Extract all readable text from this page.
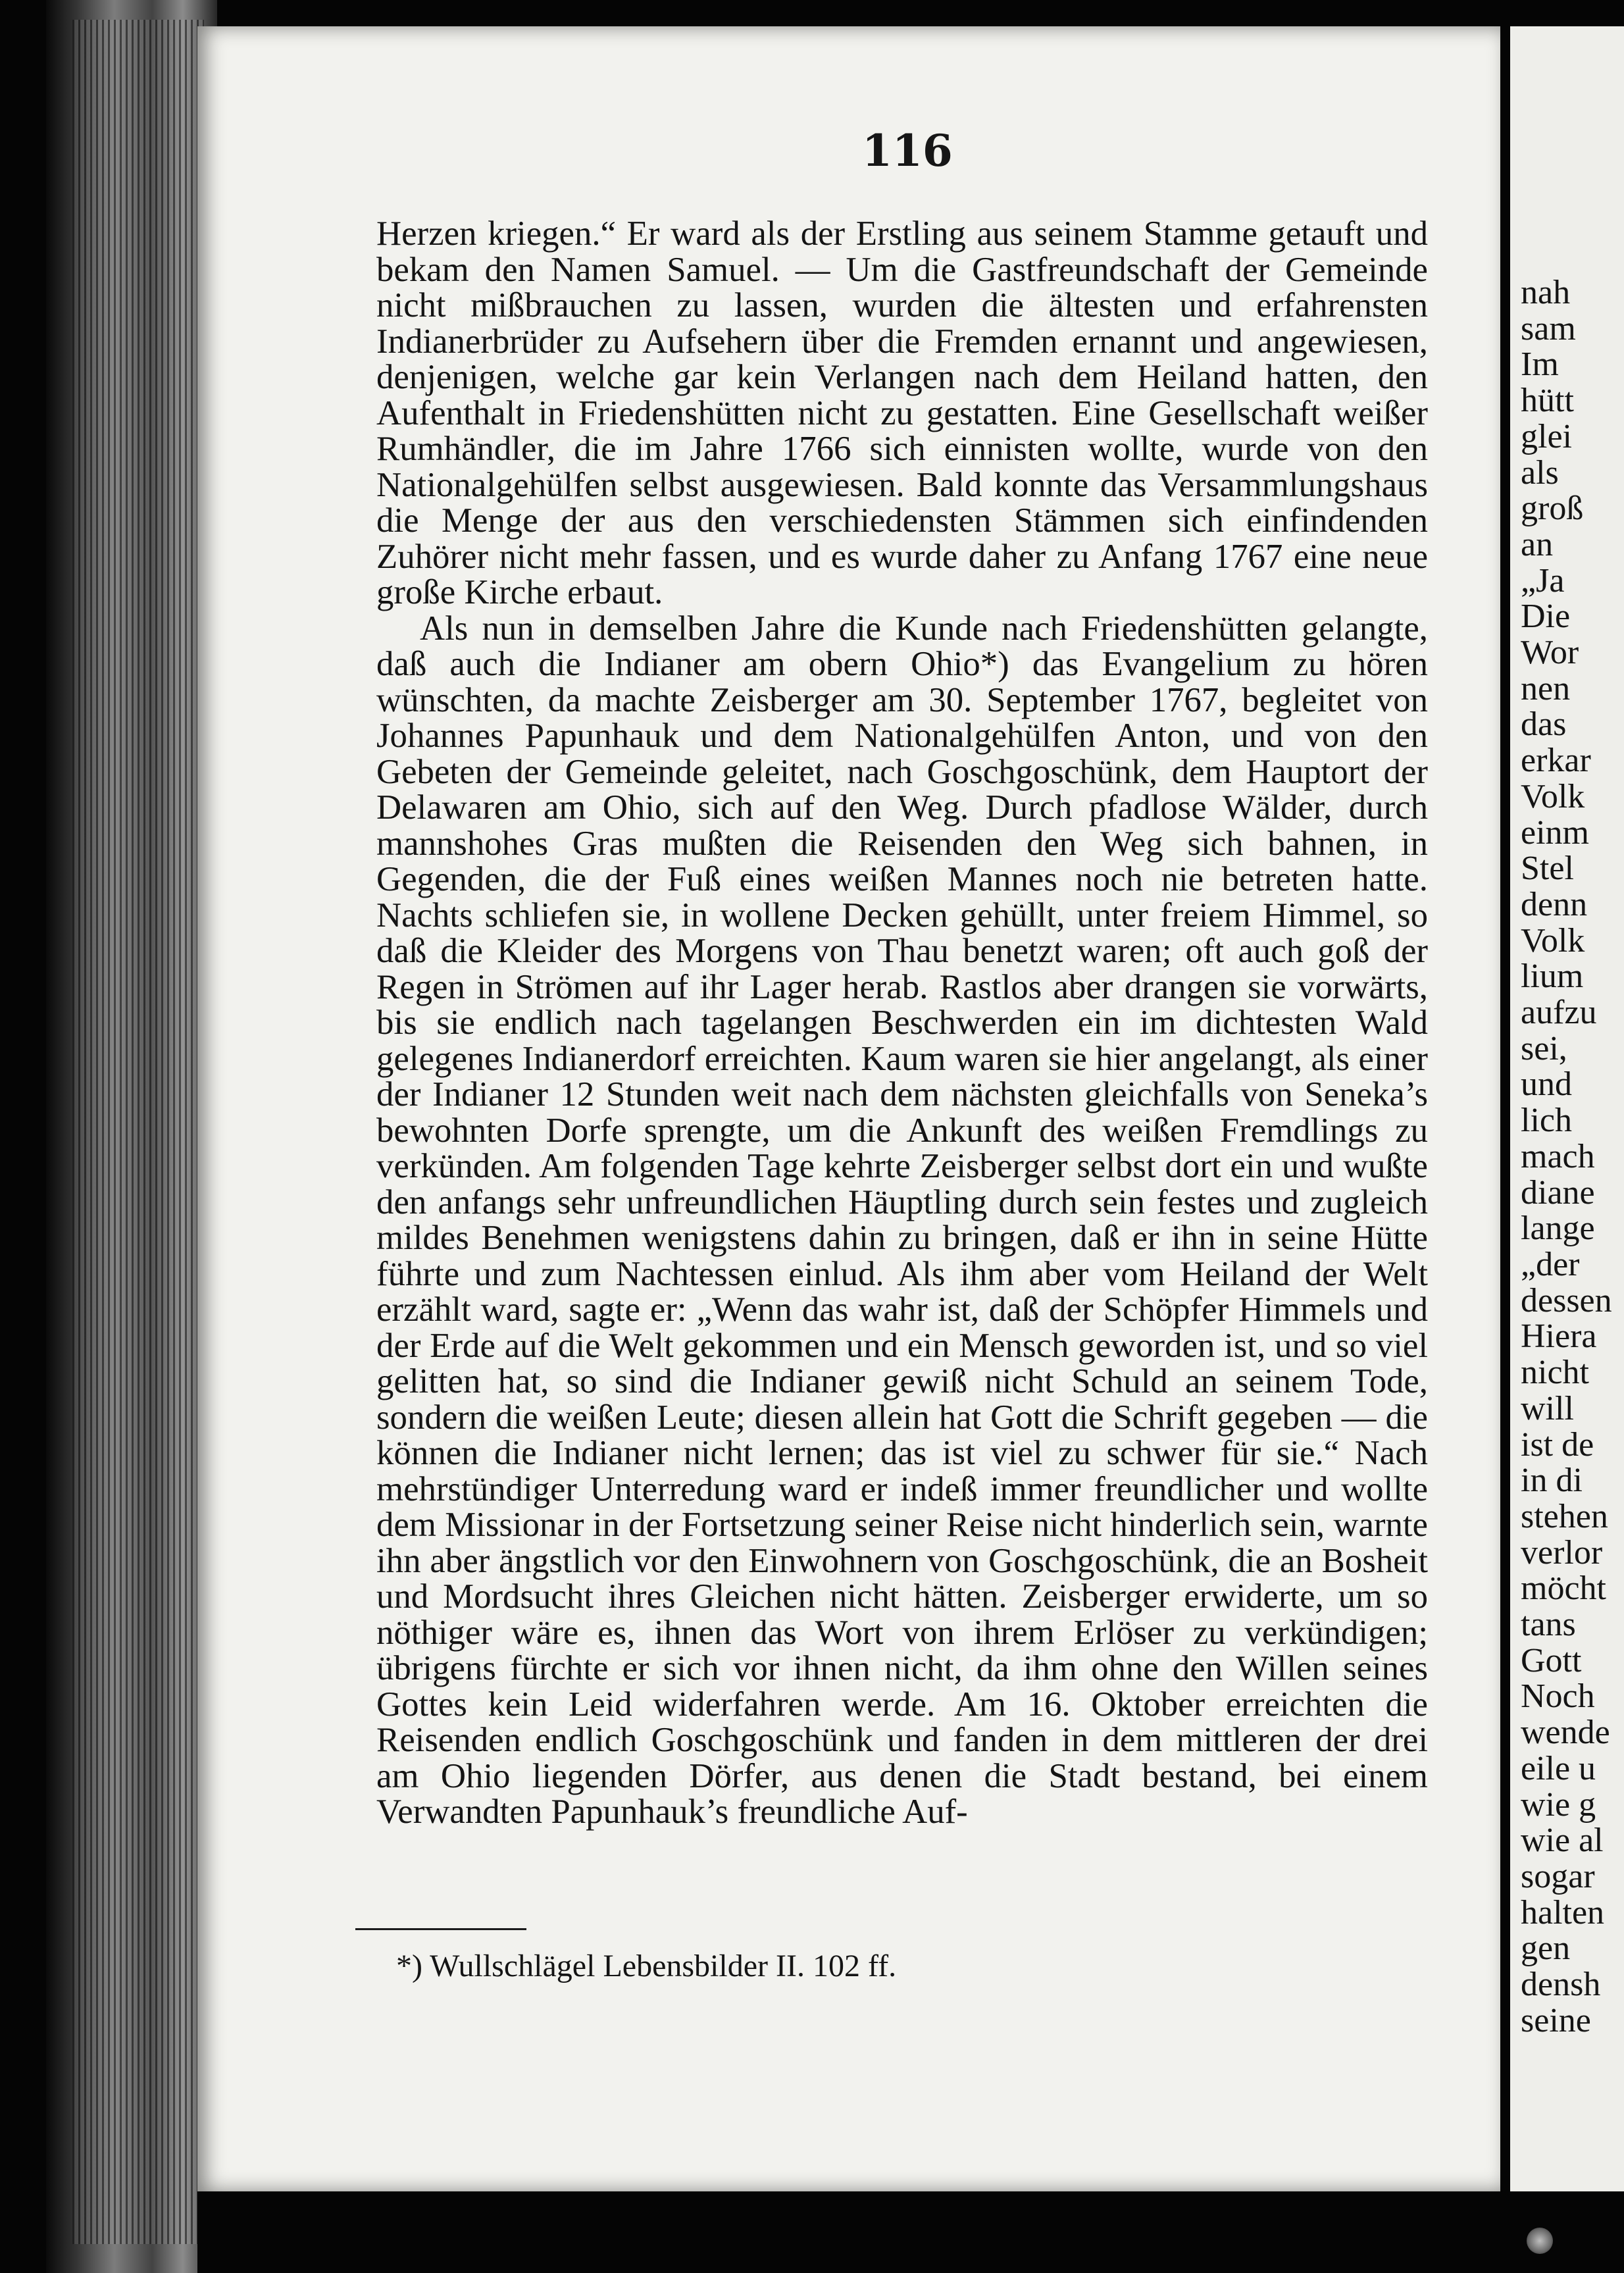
116

Herzen kriegen.“ Er ward als der Erstling aus seinem Stamme getauft und bekam den Namen Samuel. — Um die Gastfreundschaft der Gemeinde nicht mißbrauchen zu lassen, wurden die ältesten und erfahrensten Indianerbrüder zu Aufsehern über die Fremden ernannt und angewiesen, denjenigen, welche gar kein Verlangen nach dem Heiland hatten, den Aufenthalt in Friedenshütten nicht zu gestatten. Eine Gesellschaft weißer Rumhändler, die im Jahre 1766 sich einnisten wollte, wurde von den Nationalgehülfen selbst ausgewiesen. Bald konnte das Versammlungshaus die Menge der aus den verschiedensten Stämmen sich einfindenden Zuhörer nicht mehr fassen, und es wurde daher zu Anfang 1767 eine neue große Kirche erbaut.

Als nun in demselben Jahre die Kunde nach Friedenshütten gelangte, daß auch die Indianer am obern Ohio*) das Evangelium zu hören wünschten, da machte Zeisberger am 30. September 1767, begleitet von Johannes Papunhauk und dem Nationalgehülfen Anton, und von den Gebeten der Gemeinde geleitet, nach Goschgoschünk, dem Hauptort der Delawaren am Ohio, sich auf den Weg. Durch pfadlose Wälder, durch mannshohes Gras mußten die Reisenden den Weg sich bahnen, in Gegenden, die der Fuß eines weißen Mannes noch nie betreten hatte. Nachts schliefen sie, in wollene Decken gehüllt, unter freiem Himmel, so daß die Kleider des Morgens von Thau benetzt waren; oft auch goß der Regen in Strömen auf ihr Lager herab. Rastlos aber drangen sie vorwärts, bis sie endlich nach tagelangen Beschwerden ein im dichtesten Wald gelegenes Indianerdorf erreichten. Kaum waren sie hier angelangt, als einer der Indianer 12 Stunden weit nach dem nächsten gleichfalls von Seneka’s bewohnten Dorfe sprengte, um die Ankunft des weißen Fremdlings zu verkünden. Am folgenden Tage kehrte Zeisberger selbst dort ein und wußte den anfangs sehr unfreundlichen Häuptling durch sein festes und zugleich mildes Benehmen wenigstens dahin zu bringen, daß er ihn in seine Hütte führte und zum Nachtessen einlud. Als ihm aber vom Heiland der Welt erzählt ward, sagte er: „Wenn das wahr ist, daß der Schöpfer Himmels und der Erde auf die Welt gekommen und ein Mensch geworden ist, und so viel gelitten hat, so sind die Indianer gewiß nicht Schuld an seinem Tode, sondern die weißen Leute; diesen allein hat Gott die Schrift gegeben — die können die Indianer nicht lernen; das ist viel zu schwer für sie.“ Nach mehrstündiger Unterredung ward er indeß immer freundlicher und wollte dem Missionar in der Fortsetzung seiner Reise nicht hinderlich sein, warnte ihn aber ängstlich vor den Einwohnern von Goschgoschünk, die an Bosheit und Mordsucht ihres Gleichen nicht hätten. Zeisberger erwiderte, um so nöthiger wäre es, ihnen das Wort von ihrem Erlöser zu verkündigen; übrigens fürchte er sich vor ihnen nicht, da ihm ohne den Willen seines Gottes kein Leid widerfahren werde. Am 16. Oktober erreichten die Reisenden endlich Goschgoschünk und fanden in dem mittleren der drei am Ohio liegenden Dörfer, aus denen die Stadt bestand, bei einem Verwandten Papunhauk’s freundliche Auf-

*) Wullschlägel Lebensbilder II. 102 ff.
nah
sam
Im
hütt
glei
als
groß
an
„Ja
Die
Wor
nen
das
erkar
Volk
einm
Stel
denn
Volk
lium
aufzu
sei,
und
lich
mach
diane
lange
„der
dessen
Hiera
nicht
will
ist de
in di
stehen
verlor
möcht
tans
Gott
Noch
wende
eile u
wie g
wie al
sogar
halten
gen
densh
seine
